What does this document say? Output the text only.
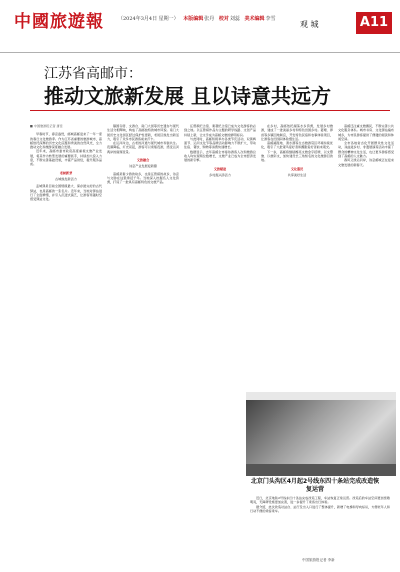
中國旅遊報	（2024年3月4日 星期一） 本版编辑张丹 校对刘蕊 美术编辑李雪
观 城	A11
江苏省高邮市：
推动文旅新发展 且以诗意共远方

■ 中国旅游报记者 唐佳

早春时节，春意盎然，邮城高邮迎来了一年一度的春日文化旅游季。作为江苏省重要的旅游城市，高邮依托深厚的历史文化底蕴和秀美的自然风光，全力推动文化和旅游深度融合发展。

近年来，高邮市委市政府高度重视文旅产业发展，将其作为转型发展的重要抓手，持续加大投入力度，不断完善基础设施，丰富产品供给，提升服务品质。

老树新芽

古城焕发新活力

盂城驿是目前全国规模最大、保存最完好的古代驿站，也是高邮的一张名片。近年来，当地对驿站进行了全面修缮，并引入沉浸式演艺，让游客穿越时空感受驿站文化。

镇国寺塔、文游台、南门大街等历史遗存与现代生活交相辉映，构成了高邮独特的城市风貌。南门大街历史文化街区经过保护性更新，老街区焕发出新活力，吸引了众多市民游客前来打卡。

在运河岸边，古老的河道与现代城市和谐共生。夜幕降临，灯光亮起，游客可以乘船夜游，感受运河两岸的璀璨夜景。

文旅融合

诗意产业发展迎新篇

高邮是秦少游的故乡，也是汪曾祺的故乡，诗意与文脉在这里绵延千年。当地深入挖掘名人文化资源，打造了一批具有高邮特色的文旅产品。

汪曾祺纪念馆、秦观纪念馆已成为文化游客的必到之地。以汪曾祺作品为主题的研学线路、文创产品持续上新，让文学成为高邮文旅的鲜明标识。

与此同时，高邮积极举办各类节庆活动，双黄鸭蛋节、运河文化节等品牌活动影响力不断扩大，带动住宿、餐饮、购物等消费快速增长。

数据显示，去年高邮全市接待游客人次和旅游总收入均实现两位数增长，文旅产业已成为全市经济发展的新引擎。

文旅赋能

乡村振兴添活力

在乡村，高邮依托湖荡水乡资源，发展乡村旅游，建成了一批美丽乡村和特色田园乡村。菱塘、界首等乡镇因地制宜，开发特色民宿和农事体验项目，让游客在田园间体验慢生活。

高邮湖湿地、清水潭等生态旅游景区环境持续优化，吸引了大批观鸟爱好者和摄影爱好者前来观光。

下一步，高邮将继续擦亮文旅金字招牌，以文塑旅、以旅彰文，加快建设长三角知名的文化旅游目的地。

文化惠民

共享美好生活

高邮还注重文旅惠民，不断完善公共文化服务体系。城市书房、文化驿站遍布城乡，为市民游客提供了便捷的阅读和休闲空间。

全市各地常态化开展群众性文化活动，戏曲进乡村、非遗展演等活动丰富了群众的精神文化生活，也让更多游客感受到了高邮的人文魅力。

春风又绿运河岸，诗意邮城正在迎来文旅发展的新春天。

北京门头沟区4月起2号线东四十条站完成改造恢复运营

近日，北京地铁2号线东四十条站完成改造工程，车站恢复正常运营。改造后的车站空间更加宽敞明亮，无障碍设施更加完善，进一步提升了乘客出行体验。

据介绍，此次改造对站台、站厅及出入口进行了整体提升，新增了电梯和导向标识，方便老年人和行动不便的乘客乘车。

中国旅游报记者 李新
